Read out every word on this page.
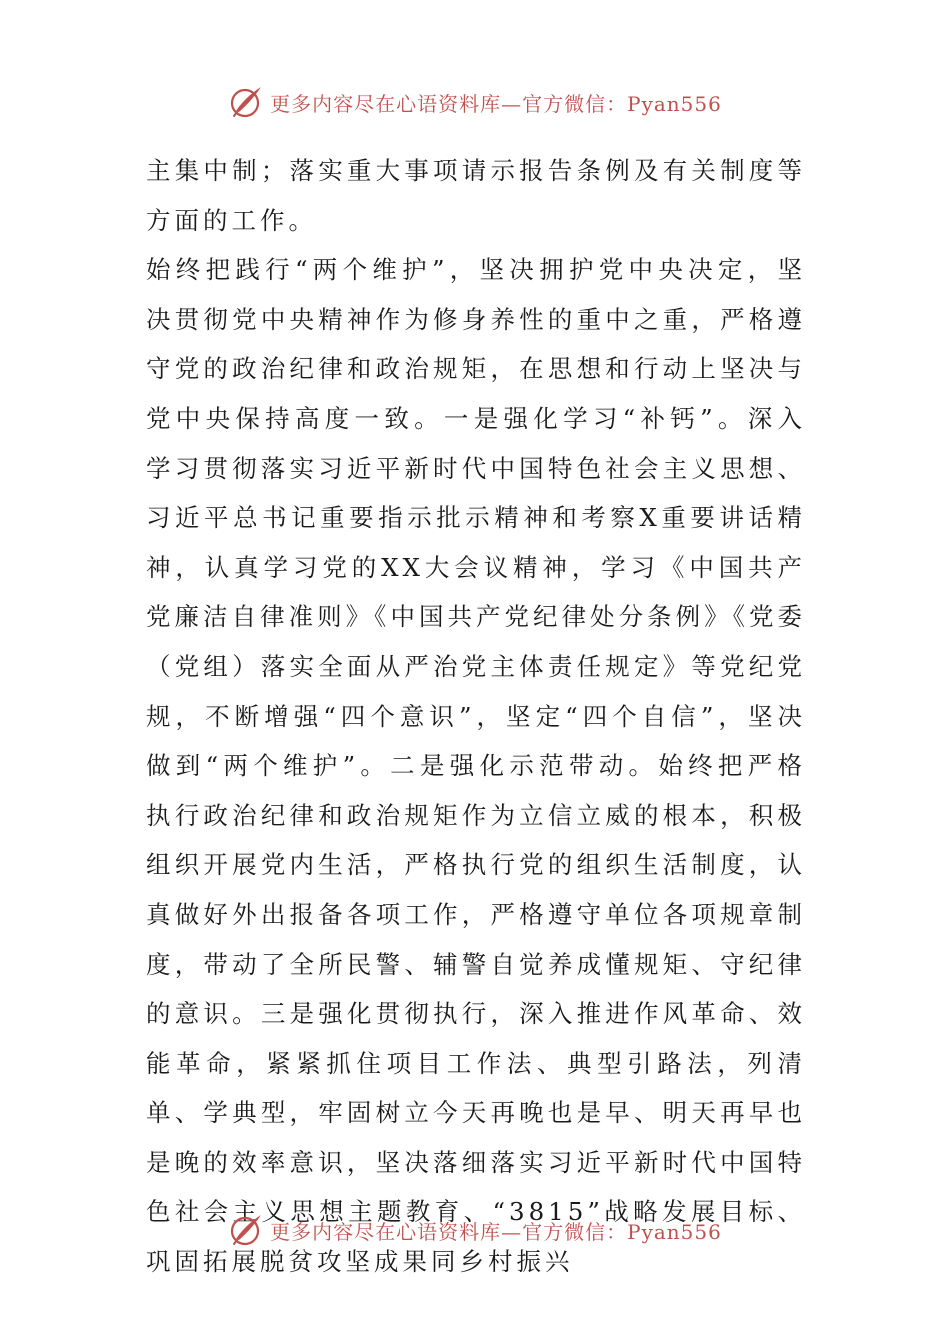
更多内容尽在心语资料库—官方微信：Pyan556

主集中制；落实重大事项请示报告条例及有关制度等方面的工作。

始终把践行“两个维护”，坚决拥护党中央决定，坚决贯彻党中央精神作为修身养性的重中之重，严格遵守党的政治纪律和政治规矩，在思想和行动上坚决与党中央保持高度一致。一是强化学习“补钙”。深入学习贯彻落实习近平新时代中国特色社会主义思想、习近平总书记重要指示批示精神和考察X重要讲话精神，认真学习党的XX大会议精神，学习《中国共产党廉洁自律准则》《中国共产党纪律处分条例》《党委（党组）落实全面从严治党主体责任规定》等党纪党规，不断增强“四个意识”，坚定“四个自信”，坚决做到“两个维护”。二是强化示范带动。始终把严格执行政治纪律和政治规矩作为立信立威的根本，积极组织开展党内生活，严格执行党的组织生活制度，认真做好外出报备各项工作，严格遵守单位各项规章制度，带动了全所民警、辅警自觉养成懂规矩、守纪律的意识。三是强化贯彻执行，深入推进作风革命、效能革命，紧紧抓住项目工作法、典型引路法，列清单、学典型，牢固树立今天再晚也是早、明天再早也是晚的效率意识，坚决落细落实习近平新时代中国特色社会主义思想主题教育、“3815”战略发展目标、巩固拓展脱贫攻坚成果同乡村振兴

更多内容尽在心语资料库—官方微信：Pyan556
